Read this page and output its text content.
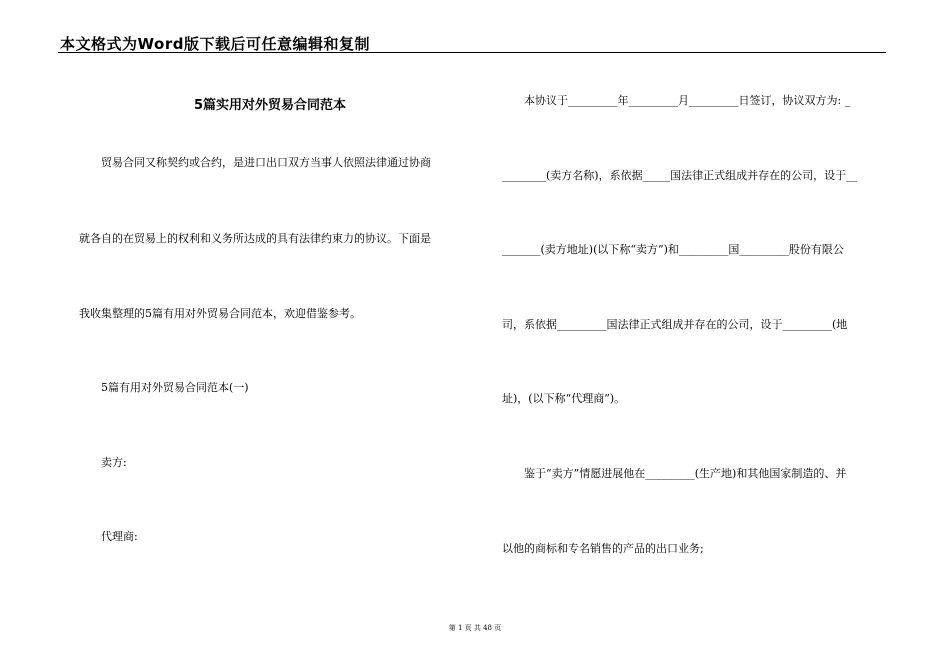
本文格式为Word版下载后可任意编辑和复制
5篇实用对外贸易合同范本
贸易合同又称契约或合约，是进口出口双方当事人依照法律通过协商
就各自的在贸易上的权利和义务所达成的具有法律约束力的协议。下面是
我收集整理的5篇有用对外贸易合同范本，欢迎借鉴参考。
5篇有用对外贸易合同范本(一)
卖方:
代理商:
本协议于_________年_________月_________日签订，协议双方为: _
________(卖方名称)，系依据_____国法律正式组成并存在的公司，设于__
_______(卖方地址)(以下称“卖方”)和_________国_________股份有限公
司，系依据_________国法律正式组成并存在的公司，设于_________(地
址)，(以下称“代理商”)。
鉴于“卖方”情愿进展他在_________(生产地)和其他国家制造的、并
以他的商标和专名销售的产品的出口业务;
第 1 页 共 48 页
